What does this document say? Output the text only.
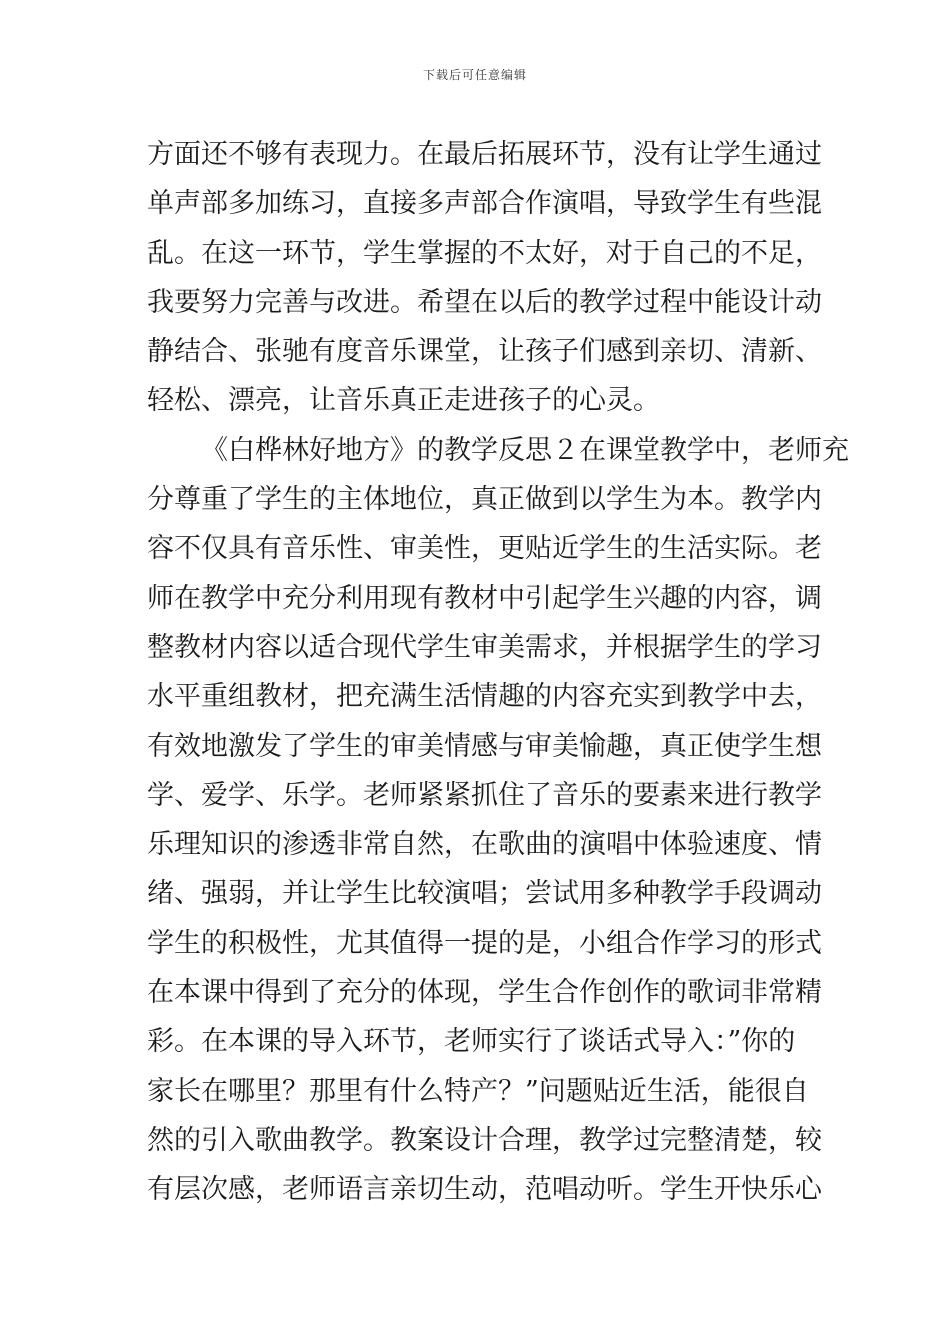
下载后可任意编辑
方面还不够有表现力。在最后拓展环节，没有让学生通过
单声部多加练习，直接多声部合作演唱，导致学生有些混
乱。在这一环节，学生掌握的不太好，对于自己的不足，
我要努力完善与改进。希望在以后的教学过程中能设计动
静结合、张驰有度音乐课堂，让孩子们感到亲切、清新、
轻松、漂亮，让音乐真正走进孩子的心灵。
《白桦林好地方》的教学反思２在课堂教学中，老师充
分尊重了学生的主体地位，真正做到以学生为本。教学内
容不仅具有音乐性、审美性，更贴近学生的生活实际。老
师在教学中充分利用现有教材中引起学生兴趣的内容，调
整教材内容以适合现代学生审美需求，并根据学生的学习
水平重组教材，把充满生活情趣的内容充实到教学中去，
有效地激发了学生的审美情感与审美愉趣，真正使学生想
学、爱学、乐学。老师紧紧抓住了音乐的要素来进行教学
乐理知识的渗透非常自然，在歌曲的演唱中体验速度、情
绪、强弱，并让学生比较演唱；尝试用多种教学手段调动
学生的积极性，尤其值得一提的是，小组合作学习的形式
在本课中得到了充分的体现，学生合作创作的歌词非常精
彩。在本课的导入环节，老师实行了谈话式导入：”你的
家长在哪里？那里有什么特产？”问题贴近生活，能很自
然的引入歌曲教学。教案设计合理，教学过完整清楚，较
有层次感，老师语言亲切生动，范唱动听。学生开快乐心
